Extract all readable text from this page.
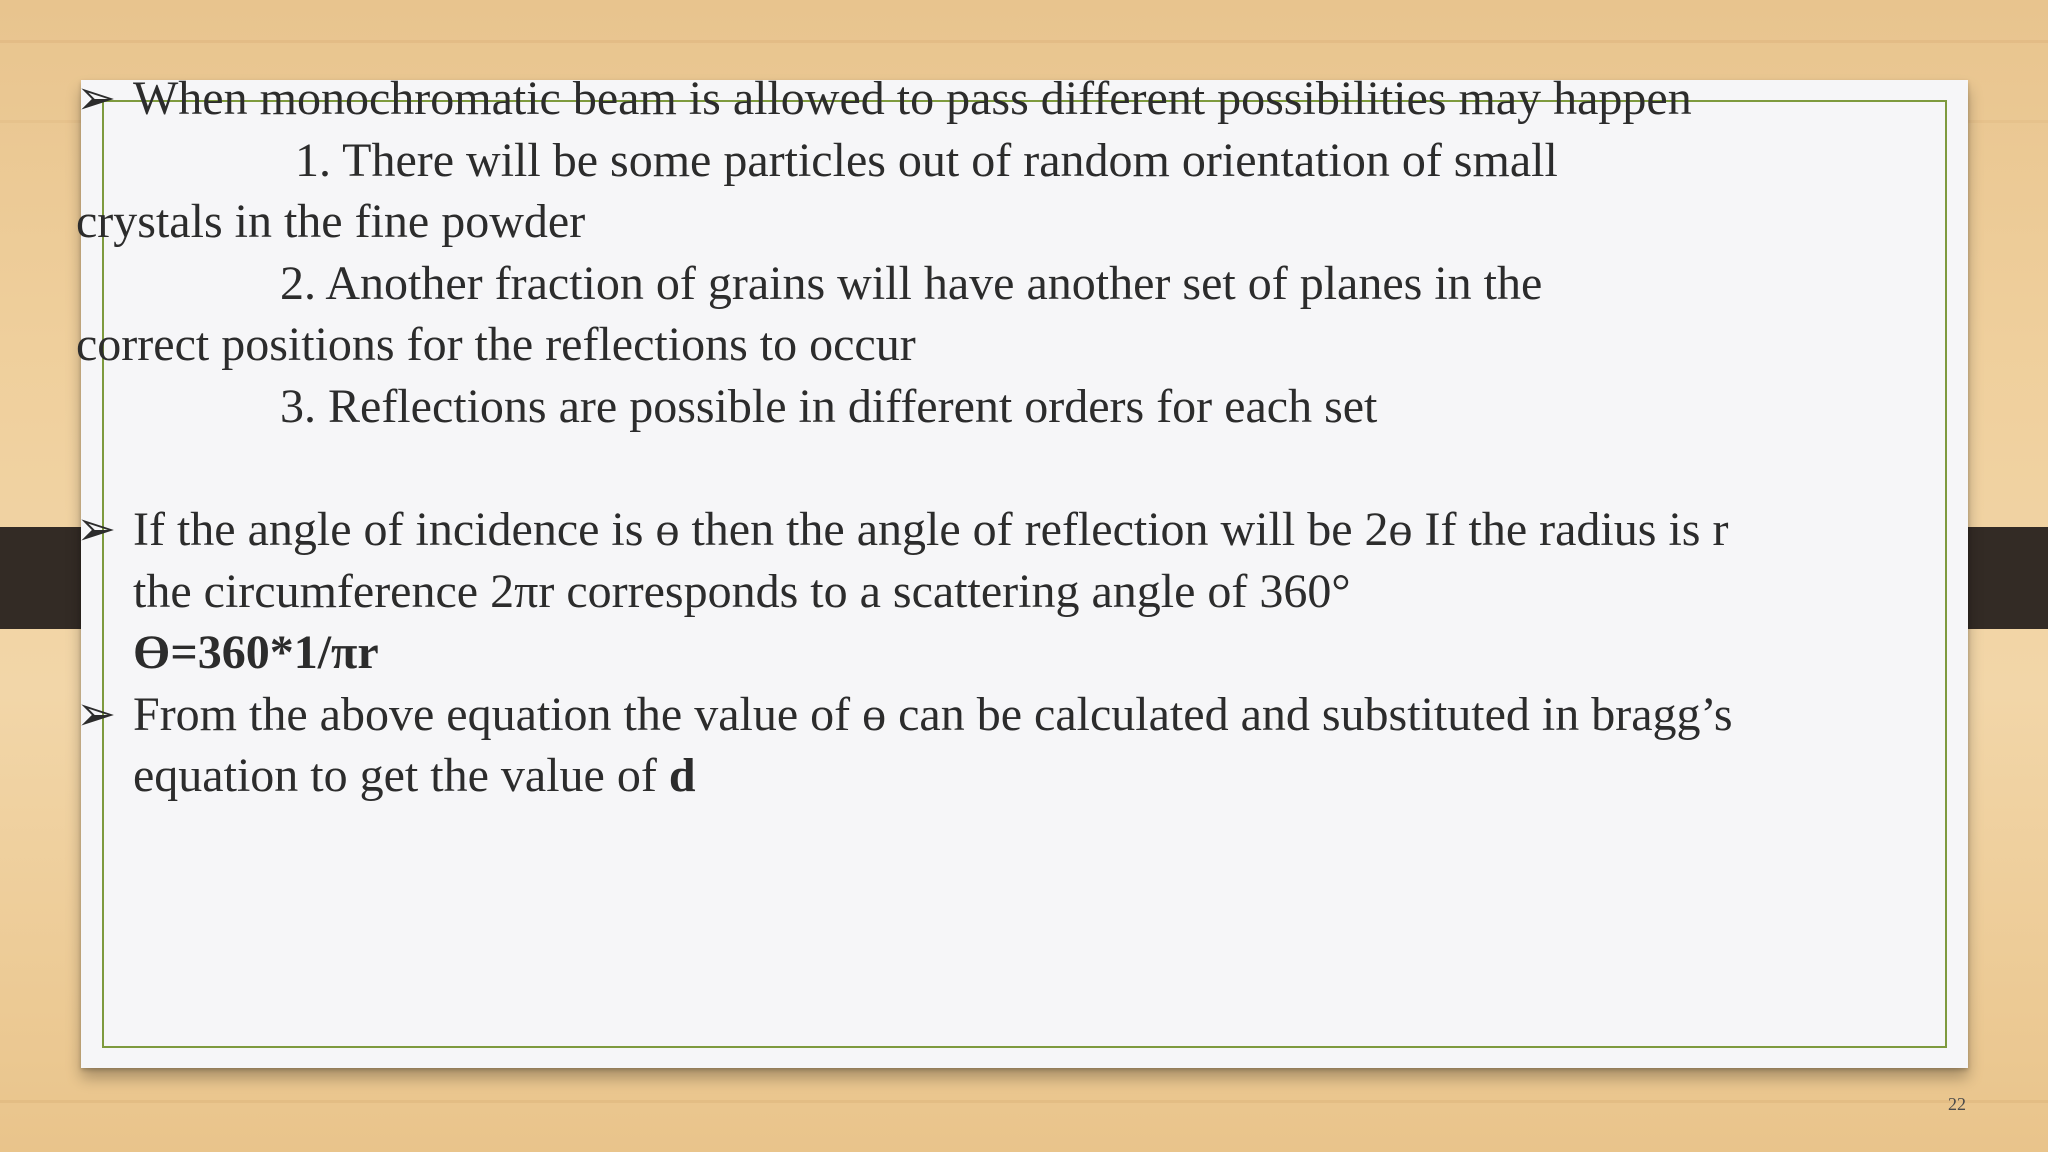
➢ When monochromatic beam is allowed to pass different possibilities may happen
1. There will be some particles out of random orientation of small
crystals in the fine powder
2. Another fraction of grains will have another set of planes in the
correct positions for the reflections to occur
3. Reflections are possible in different orders for each set
➢ If the angle of incidence is ɵ then the angle of reflection will be 2ɵ If the radius is r the circumference 2πr corresponds to a scattering angle of 360°
ϴ=360*1/πr
➢ From the above equation the value of ɵ can be calculated and substituted in bragg’s equation to get the value of d
22
